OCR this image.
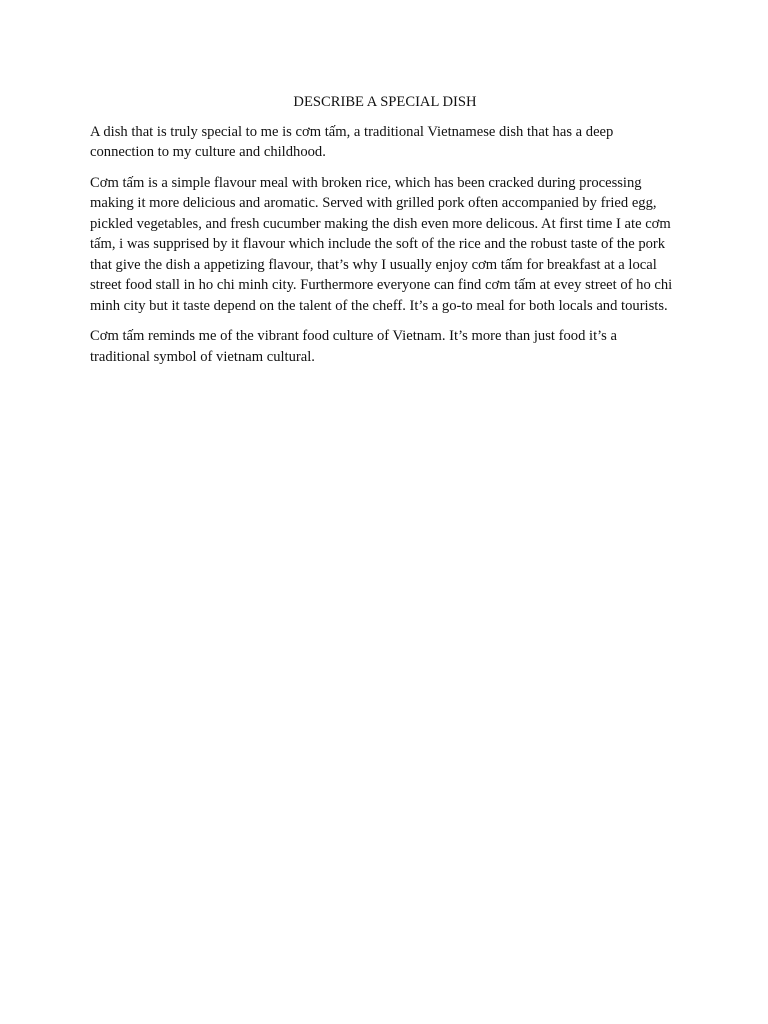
DESCRIBE A SPECIAL DISH

A dish that is truly special to me is cơm tấm, a traditional Vietnamese dish that has a deep connection to my culture and childhood.

Cơm tấm is a simple flavour meal with broken rice, which has been cracked during processing making it more delicious and aromatic. Served with grilled pork often accompanied by fried egg, pickled vegetables, and fresh cucumber making the dish even more delicous. At first time I ate cơm tấm, i was supprised by it flavour which include the soft of the rice and the robust taste of the pork that give the dish a appetizing flavour, that’s why I usually enjoy cơm tấm for breakfast at a local street food stall in ho chi minh city. Furthermore everyone can find cơm tấm at evey street of ho chi minh city but it taste depend on the talent of the cheff. It’s a go-to meal for both locals and tourists.

Cơm tấm reminds me of the vibrant food culture of Vietnam. It’s more than just food it’s a traditional symbol of vietnam cultural.
